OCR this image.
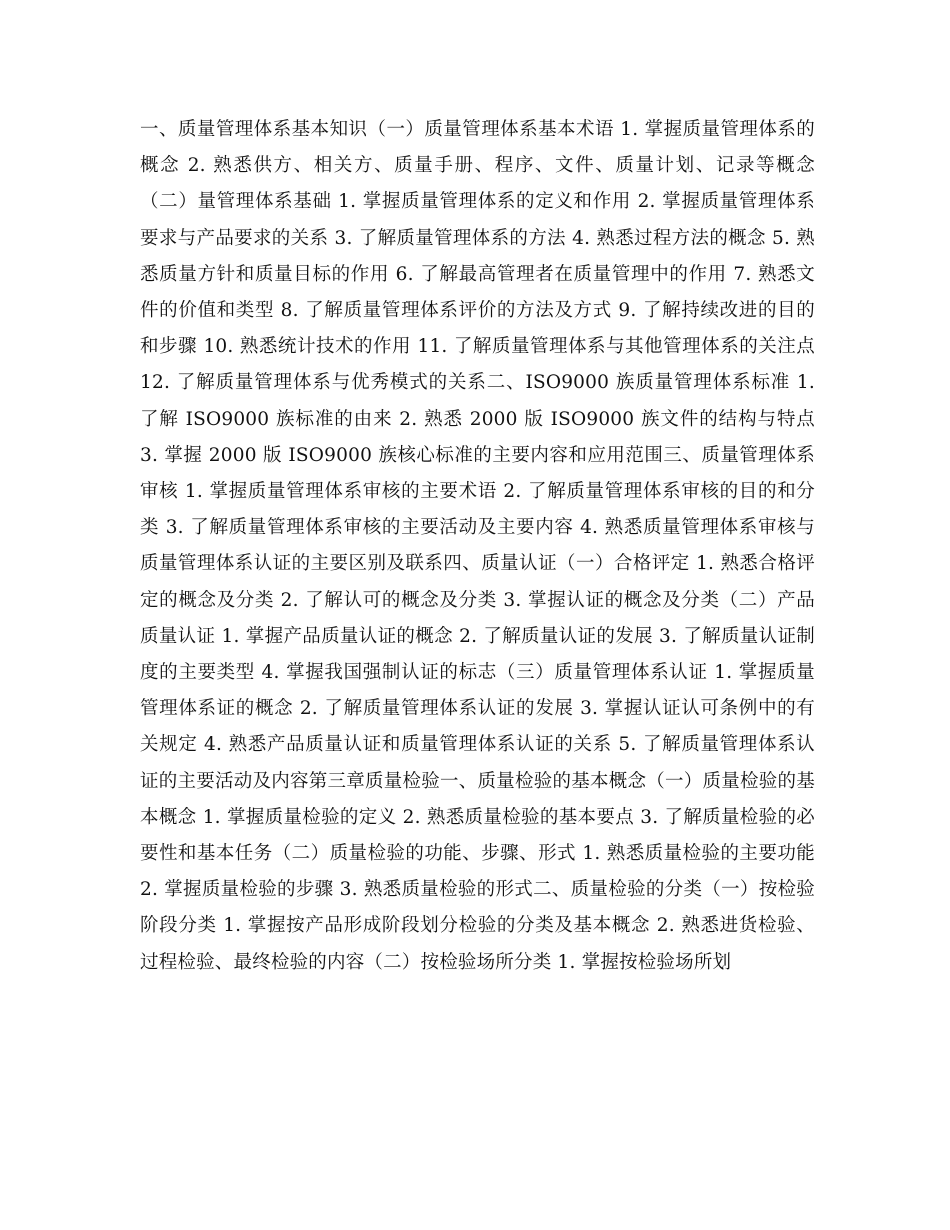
一、质量管理体系基本知识（一）质量管理体系基本术语 1. 掌握质量管理体系的概念 2. 熟悉供方、相关方、质量手册、程序、文件、质量计划、记录等概念（二）量管理体系基础 1. 掌握质量管理体系的定义和作用 2. 掌握质量管理体系要求与产品要求的关系 3. 了解质量管理体系的方法 4. 熟悉过程方法的概念 5. 熟悉质量方针和质量目标的作用 6. 了解最高管理者在质量管理中的作用 7. 熟悉文件的价值和类型 8. 了解质量管理体系评价的方法及方式 9. 了解持续改进的目的和步骤 10. 熟悉统计技术的作用 11. 了解质量管理体系与其他管理体系的关注点 12. 了解质量管理体系与优秀模式的关系二、ISO9000 族质量管理体系标准 1. 了解 ISO9000 族标准的由来 2. 熟悉 2000 版 ISO9000 族文件的结构与特点 3. 掌握 2000 版 ISO9000 族核心标准的主要内容和应用范围三、质量管理体系审核 1. 掌握质量管理体系审核的主要术语 2. 了解质量管理体系审核的目的和分类 3. 了解质量管理体系审核的主要活动及主要内容 4. 熟悉质量管理体系审核与质量管理体系认证的主要区别及联系四、质量认证（一）合格评定 1. 熟悉合格评定的概念及分类 2. 了解认可的概念及分类 3. 掌握认证的概念及分类（二）产品质量认证 1. 掌握产品质量认证的概念 2. 了解质量认证的发展 3. 了解质量认证制度的主要类型 4. 掌握我国强制认证的标志（三）质量管理体系认证 1. 掌握质量管理体系证的概念 2. 了解质量管理体系认证的发展 3. 掌握认证认可条例中的有关规定 4. 熟悉产品质量认证和质量管理体系认证的关系 5. 了解质量管理体系认证的主要活动及内容第三章质量检验一、质量检验的基本概念（一）质量检验的基本概念 1. 掌握质量检验的定义 2. 熟悉质量检验的基本要点 3. 了解质量检验的必要性和基本任务（二）质量检验的功能、步骤、形式 1. 熟悉质量检验的主要功能 2. 掌握质量检验的步骤 3. 熟悉质量检验的形式二、质量检验的分类（一）按检验阶段分类 1. 掌握按产品形成阶段划分检验的分类及基本概念 2. 熟悉进货检验、过程检验、最终检验的内容（二）按检验场所分类 1. 掌握按检验场所划
